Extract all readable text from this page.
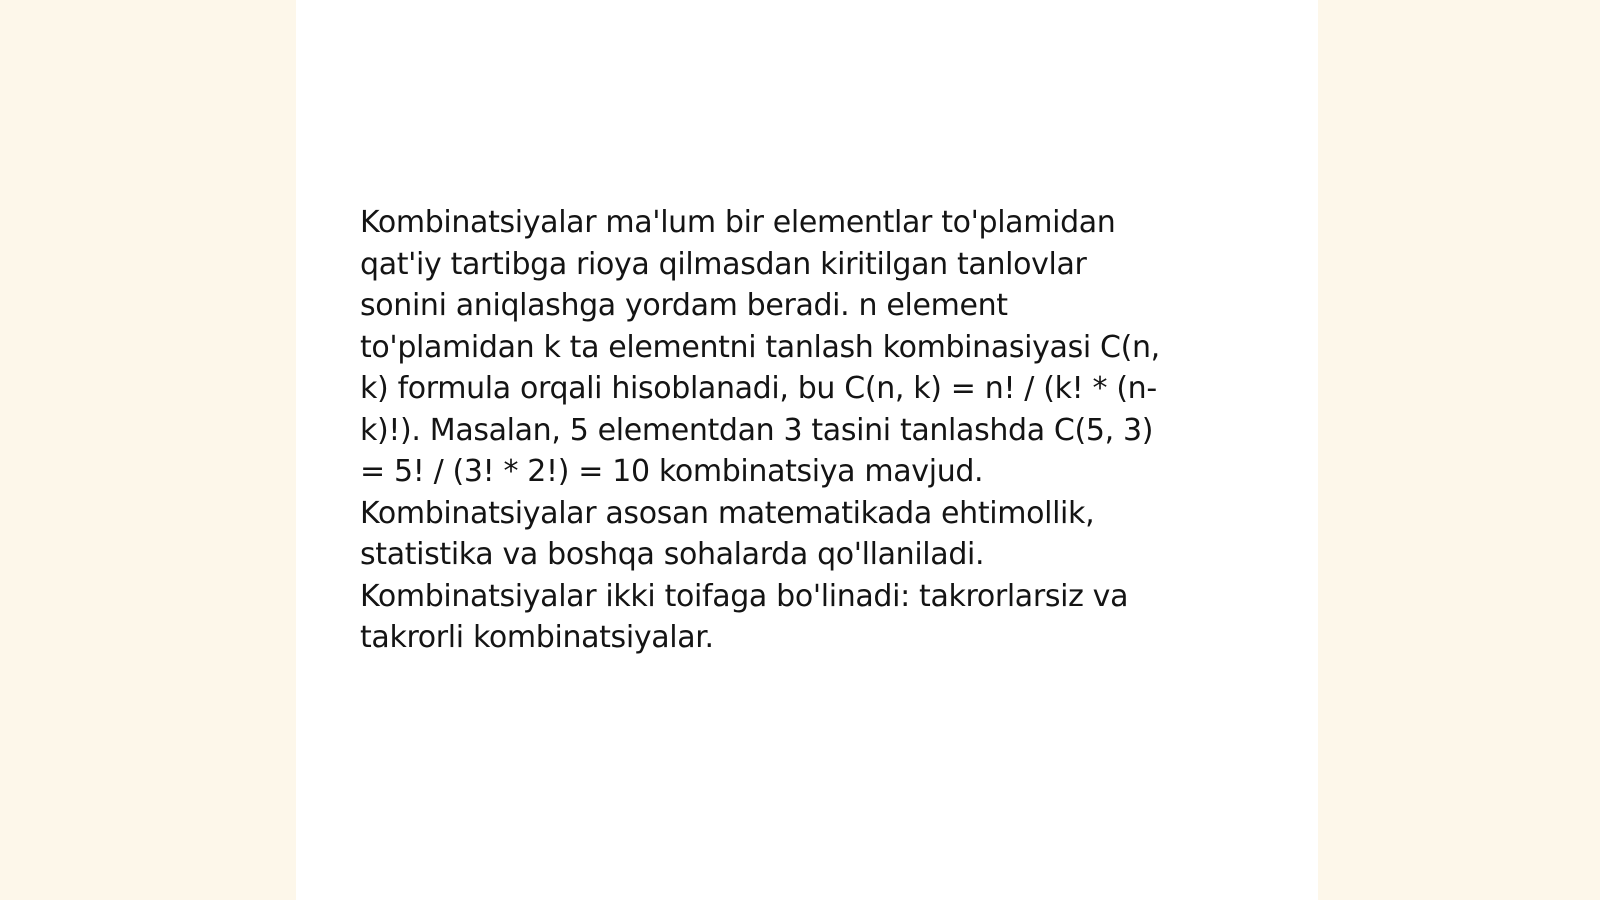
Kombinatsiyalar ma'lum bir elementlar to'plamidan
qat'iy tartibga rioya qilmasdan kiritilgan tanlovlar
sonini aniqlashga yordam beradi. n element
to'plamidan k ta elementni tanlash kombinasiyasi C(n,
k) formula orqali hisoblanadi, bu C(n, k) = n! / (k! * (n-
k)!). Masalan, 5 elementdan 3 tasini tanlashda C(5, 3)
= 5! / (3! * 2!) = 10 kombinatsiya mavjud.
Kombinatsiyalar asosan matematikada ehtimollik,
statistika va boshqa sohalarda qo'llaniladi.
Kombinatsiyalar ikki toifaga bo'linadi: takrorlarsiz va
takrorli kombinatsiyalar.
